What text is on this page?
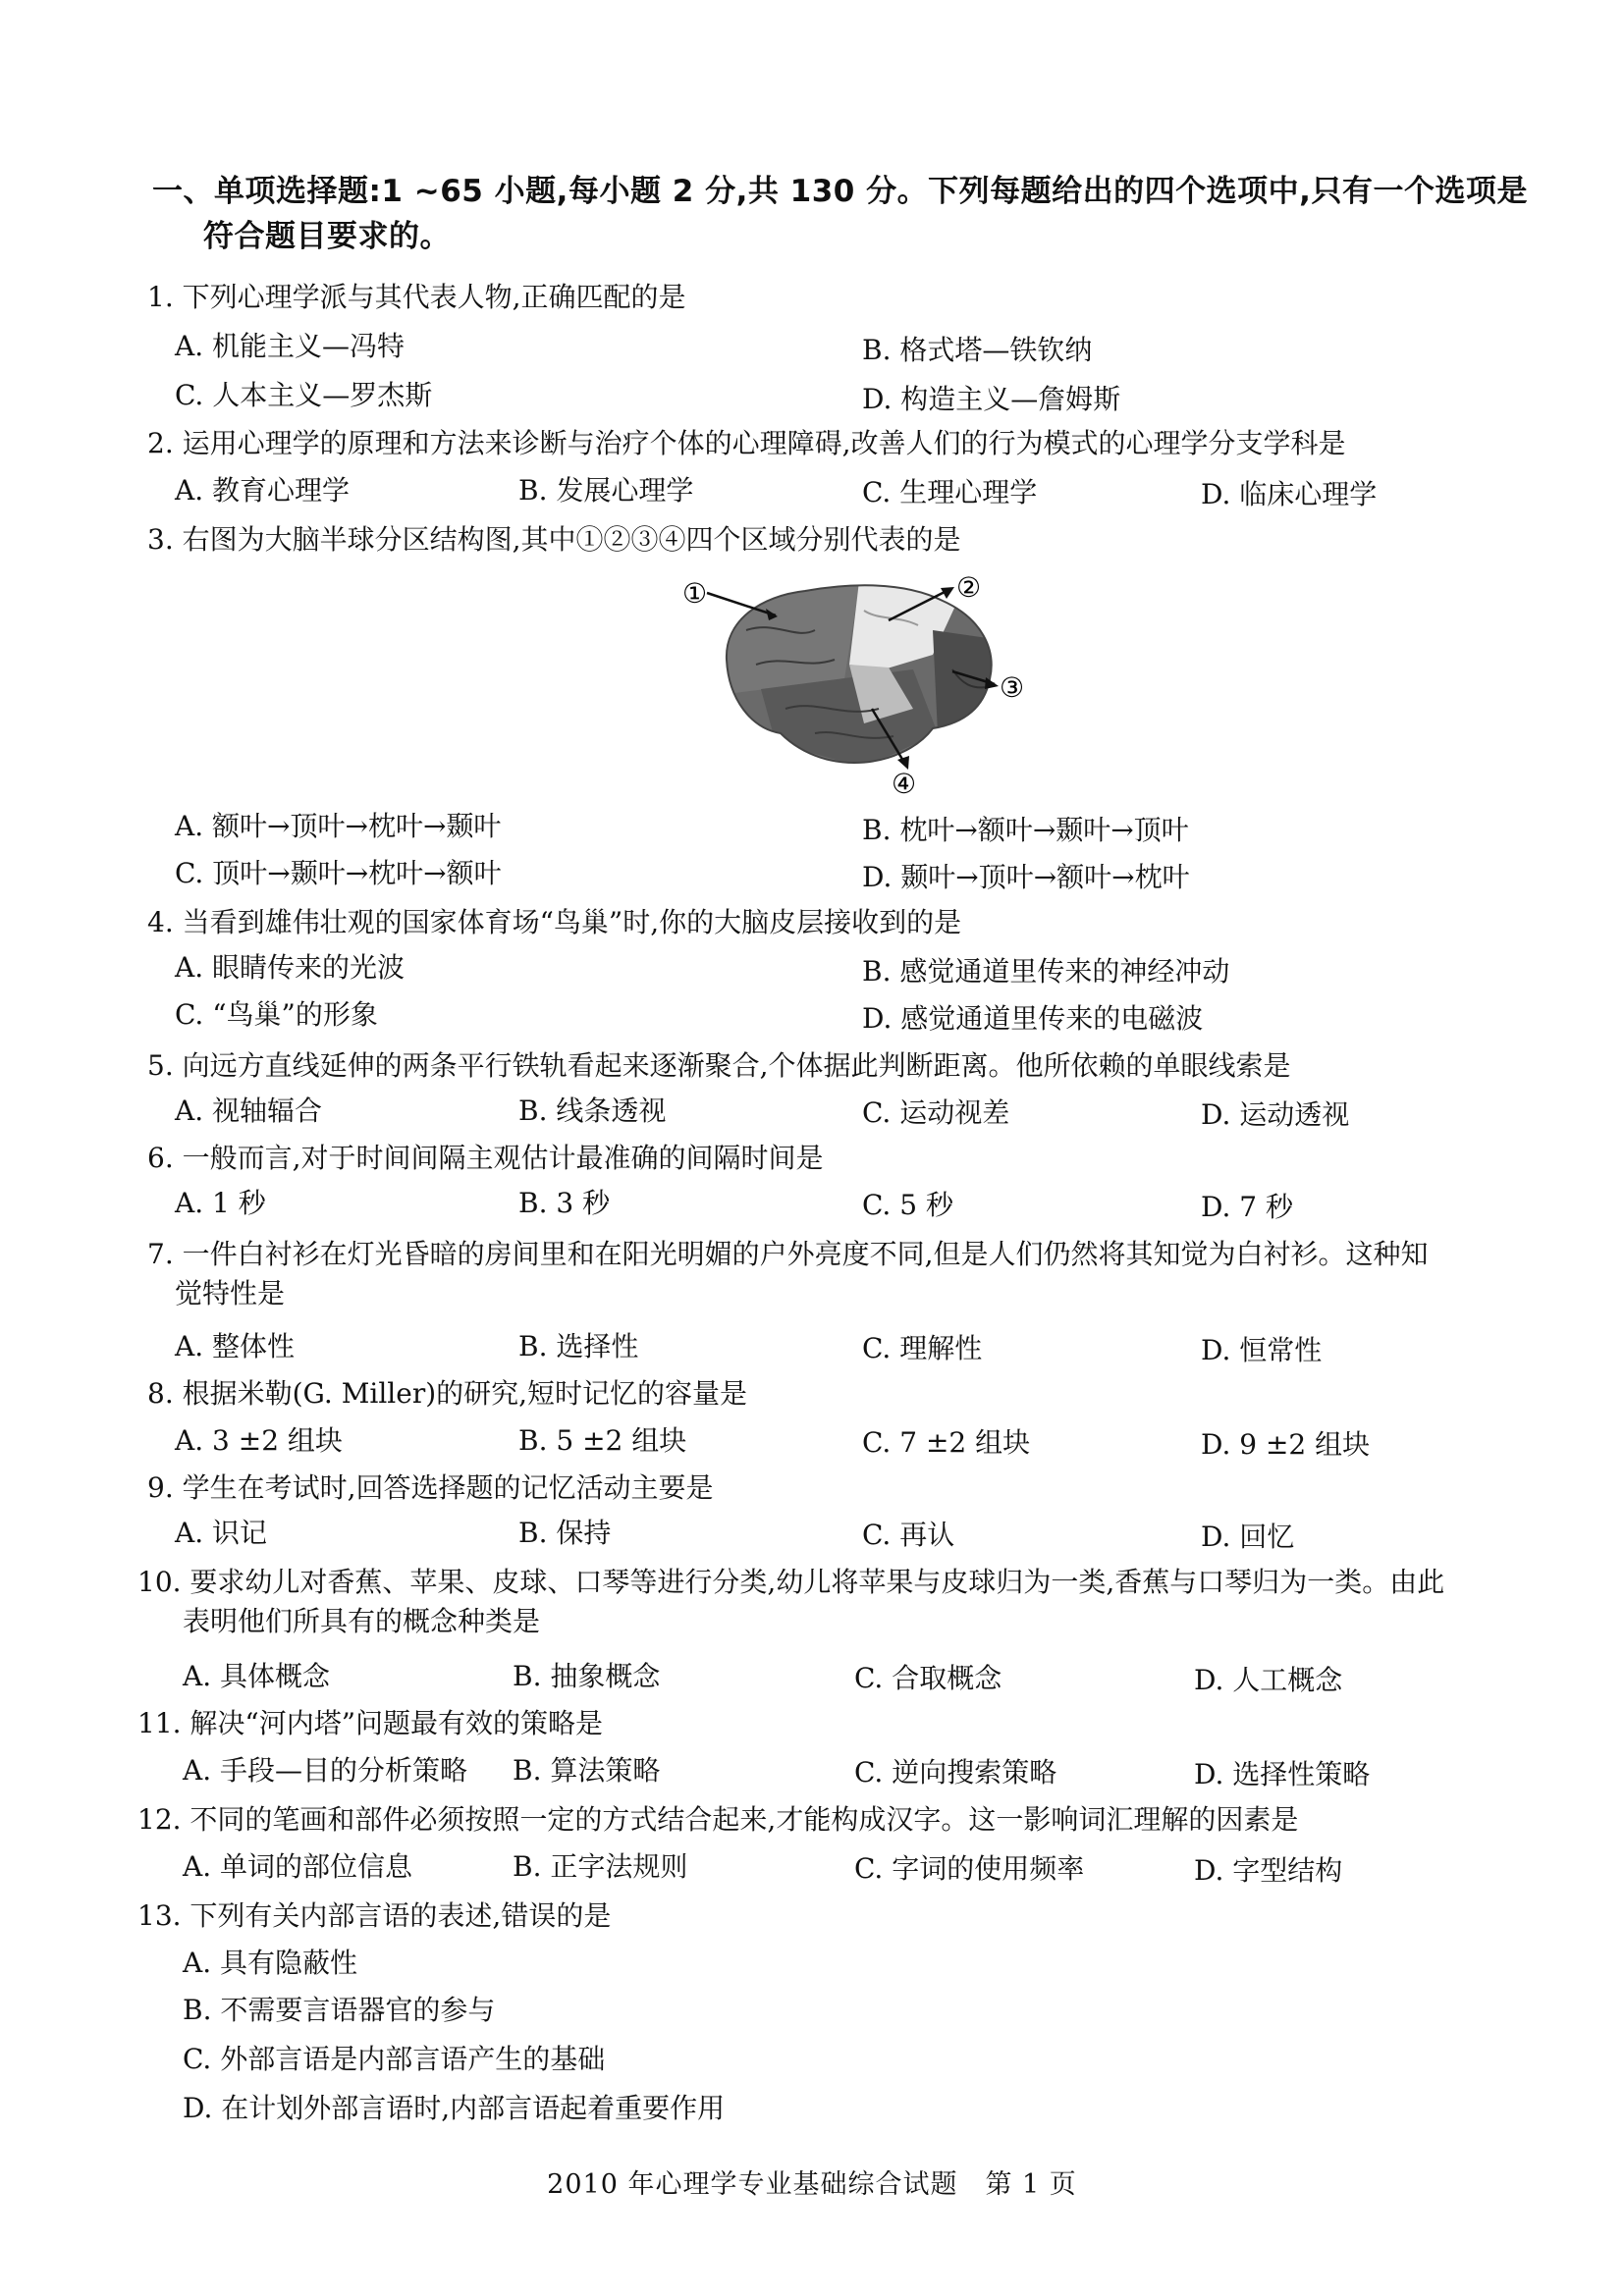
一、单项选择题:1 ~65 小题,每小题 2 分,共 130 分。下列每题给出的四个选项中,只有一个选项是
符合题目要求的。
1. 下列心理学派与其代表人物,正确匹配的是
A. 机能主义—冯特	B. 格式塔—铁钦纳
C. 人本主义—罗杰斯	D. 构造主义—詹姆斯
2. 运用心理学的原理和方法来诊断与治疗个体的心理障碍,改善人们的行为模式的心理学分支学科是
A. 教育心理学	B. 发展心理学	C. 生理心理学	D. 临床心理学
3. 右图为大脑半球分区结构图,其中①②③④四个区域分别代表的是
①	②
③
④
A. 额叶→顶叶→枕叶→颞叶	B. 枕叶→额叶→颞叶→顶叶
C. 顶叶→颞叶→枕叶→额叶	D. 颞叶→顶叶→额叶→枕叶
4. 当看到雄伟壮观的国家体育场“鸟巢”时,你的大脑皮层接收到的是
A. 眼睛传来的光波	B. 感觉通道里传来的神经冲动
C. “鸟巢”的形象	D. 感觉通道里传来的电磁波
5. 向远方直线延伸的两条平行铁轨看起来逐渐聚合,个体据此判断距离。他所依赖的单眼线索是
A. 视轴辐合	B. 线条透视	C. 运动视差	D. 运动透视
6. 一般而言,对于时间间隔主观估计最准确的间隔时间是
A. 1 秒	B. 3 秒	C. 5 秒	D. 7 秒
7. 一件白衬衫在灯光昏暗的房间里和在阳光明媚的户外亮度不同,但是人们仍然将其知觉为白衬衫。这种知
觉特性是
A. 整体性	B. 选择性	C. 理解性	D. 恒常性
8. 根据米勒(G. Miller)的研究,短时记忆的容量是
A. 3 ±2 组块	B. 5 ±2 组块	C. 7 ±2 组块	D. 9 ±2 组块
9. 学生在考试时,回答选择题的记忆活动主要是
A. 识记	B. 保持	C. 再认	D. 回忆
10. 要求幼儿对香蕉、苹果、皮球、口琴等进行分类,幼儿将苹果与皮球归为一类,香蕉与口琴归为一类。由此
表明他们所具有的概念种类是
A. 具体概念	B. 抽象概念	C. 合取概念	D. 人工概念
11. 解决“河内塔”问题最有效的策略是
A. 手段—目的分析策略 B. 算法策略	C. 逆向搜索策略	D. 选择性策略
12. 不同的笔画和部件必须按照一定的方式结合起来,才能构成汉字。这一影响词汇理解的因素是
A. 单词的部位信息	B. 正字法规则	C. 字词的使用频率	D. 字型结构
13. 下列有关内部言语的表述,错误的是
A. 具有隐蔽性
B. 不需要言语器官的参与
C. 外部言语是内部言语产生的基础
D. 在计划外部言语时,内部言语起着重要作用
2010 年心理学专业基础综合试题　第 1 页
